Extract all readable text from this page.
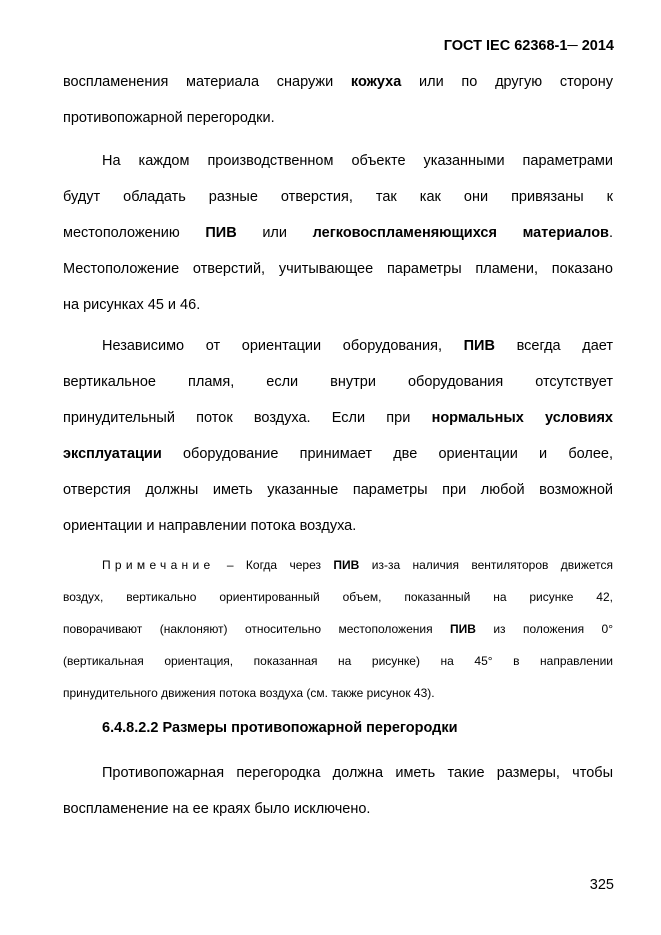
ГОСТ IEC 62368-1─ 2014
воспламенения материала снаружи кожуха или по другую сторону
противопожарной перегородки.
На каждом производственном объекте указанными параметрами
будут обладать разные отверстия, так как они привязаны к
местоположению ПИВ или легковоспламеняющихся материалов.
Местоположение отверстий, учитывающее параметры пламени, показано
на рисунках 45 и 46.
Независимо от ориентации оборудования, ПИВ всегда дает
вертикальное пламя, если внутри оборудования отсутствует
принудительный поток воздуха. Если при нормальных условиях
эксплуатации оборудование принимает две ориентации и более,
отверстия должны иметь указанные параметры при любой возможной
ориентации и направлении потока воздуха.
Примечание – Когда через ПИВ из-за наличия вентиляторов движется
воздух, вертикально ориентированный объем, показанный на рисунке 42,
поворачивают (наклоняют) относительно местоположения ПИВ из положения 0°
(вертикальная ориентация, показанная на рисунке) на 45° в направлении
принудительного движения потока воздуха (см. также рисунок 43).
6.4.8.2.2 Размеры противопожарной перегородки
Противопожарная перегородка должна иметь такие размеры, чтобы
воспламенение на ее краях было исключено.
325
